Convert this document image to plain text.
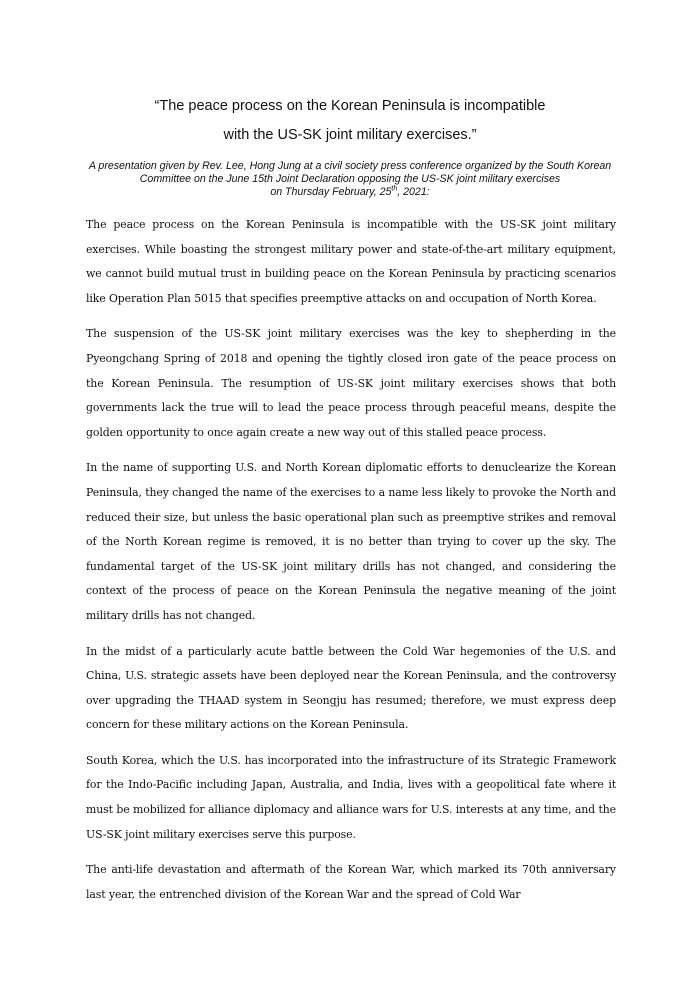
“The peace process on the Korean Peninsula is incompatible
with the US-SK joint military exercises.”
A presentation given by Rev. Lee, Hong Jung at a civil society press conference organized by the South Korean
Committee on the June 15th Joint Declaration opposing the US-SK joint military exercises
on Thursday February, 25th, 2021:

The peace process on the Korean Peninsula is incompatible with the US-SK joint military exercises. While boasting the strongest military power and state-of-the-art military equipment, we cannot build mutual trust in building peace on the Korean Peninsula by practicing scenarios like Operation Plan 5015 that specifies preemptive attacks on and occupation of North Korea.

The suspension of the US-SK joint military exercises was the key to shepherding in the Pyeongchang Spring of 2018 and opening the tightly closed iron gate of the peace process on the Korean Peninsula. The resumption of US-SK joint military exercises shows that both governments lack the true will to lead the peace process through peaceful means, despite the golden opportunity to once again create a new way out of this stalled peace process.

In the name of supporting U.S. and North Korean diplomatic efforts to denuclearize the Korean Peninsula, they changed the name of the exercises to a name less likely to provoke the North and reduced their size, but unless the basic operational plan such as preemptive strikes and removal of the North Korean regime is removed, it is no better than trying to cover up the sky. The fundamental target of the US-SK joint military drills has not changed, and considering the context of the process of peace on the Korean Peninsula the negative meaning of the joint military drills has not changed.

In the midst of a particularly acute battle between the Cold War hegemonies of the U.S. and China, U.S. strategic assets have been deployed near the Korean Peninsula, and the controversy over upgrading the THAAD system in Seongju has resumed; therefore, we must express deep concern for these military actions on the Korean Peninsula.

South Korea, which the U.S. has incorporated into the infrastructure of its Strategic Framework for the Indo-Pacific including Japan, Australia, and India, lives with a geopolitical fate where it must be mobilized for alliance diplomacy and alliance wars for U.S. interests at any time, and the US-SK joint military exercises serve this purpose.

The anti-life devastation and aftermath of the Korean War, which marked its 70th anniversary last year, the entrenched division of the Korean War and the spread of Cold War
